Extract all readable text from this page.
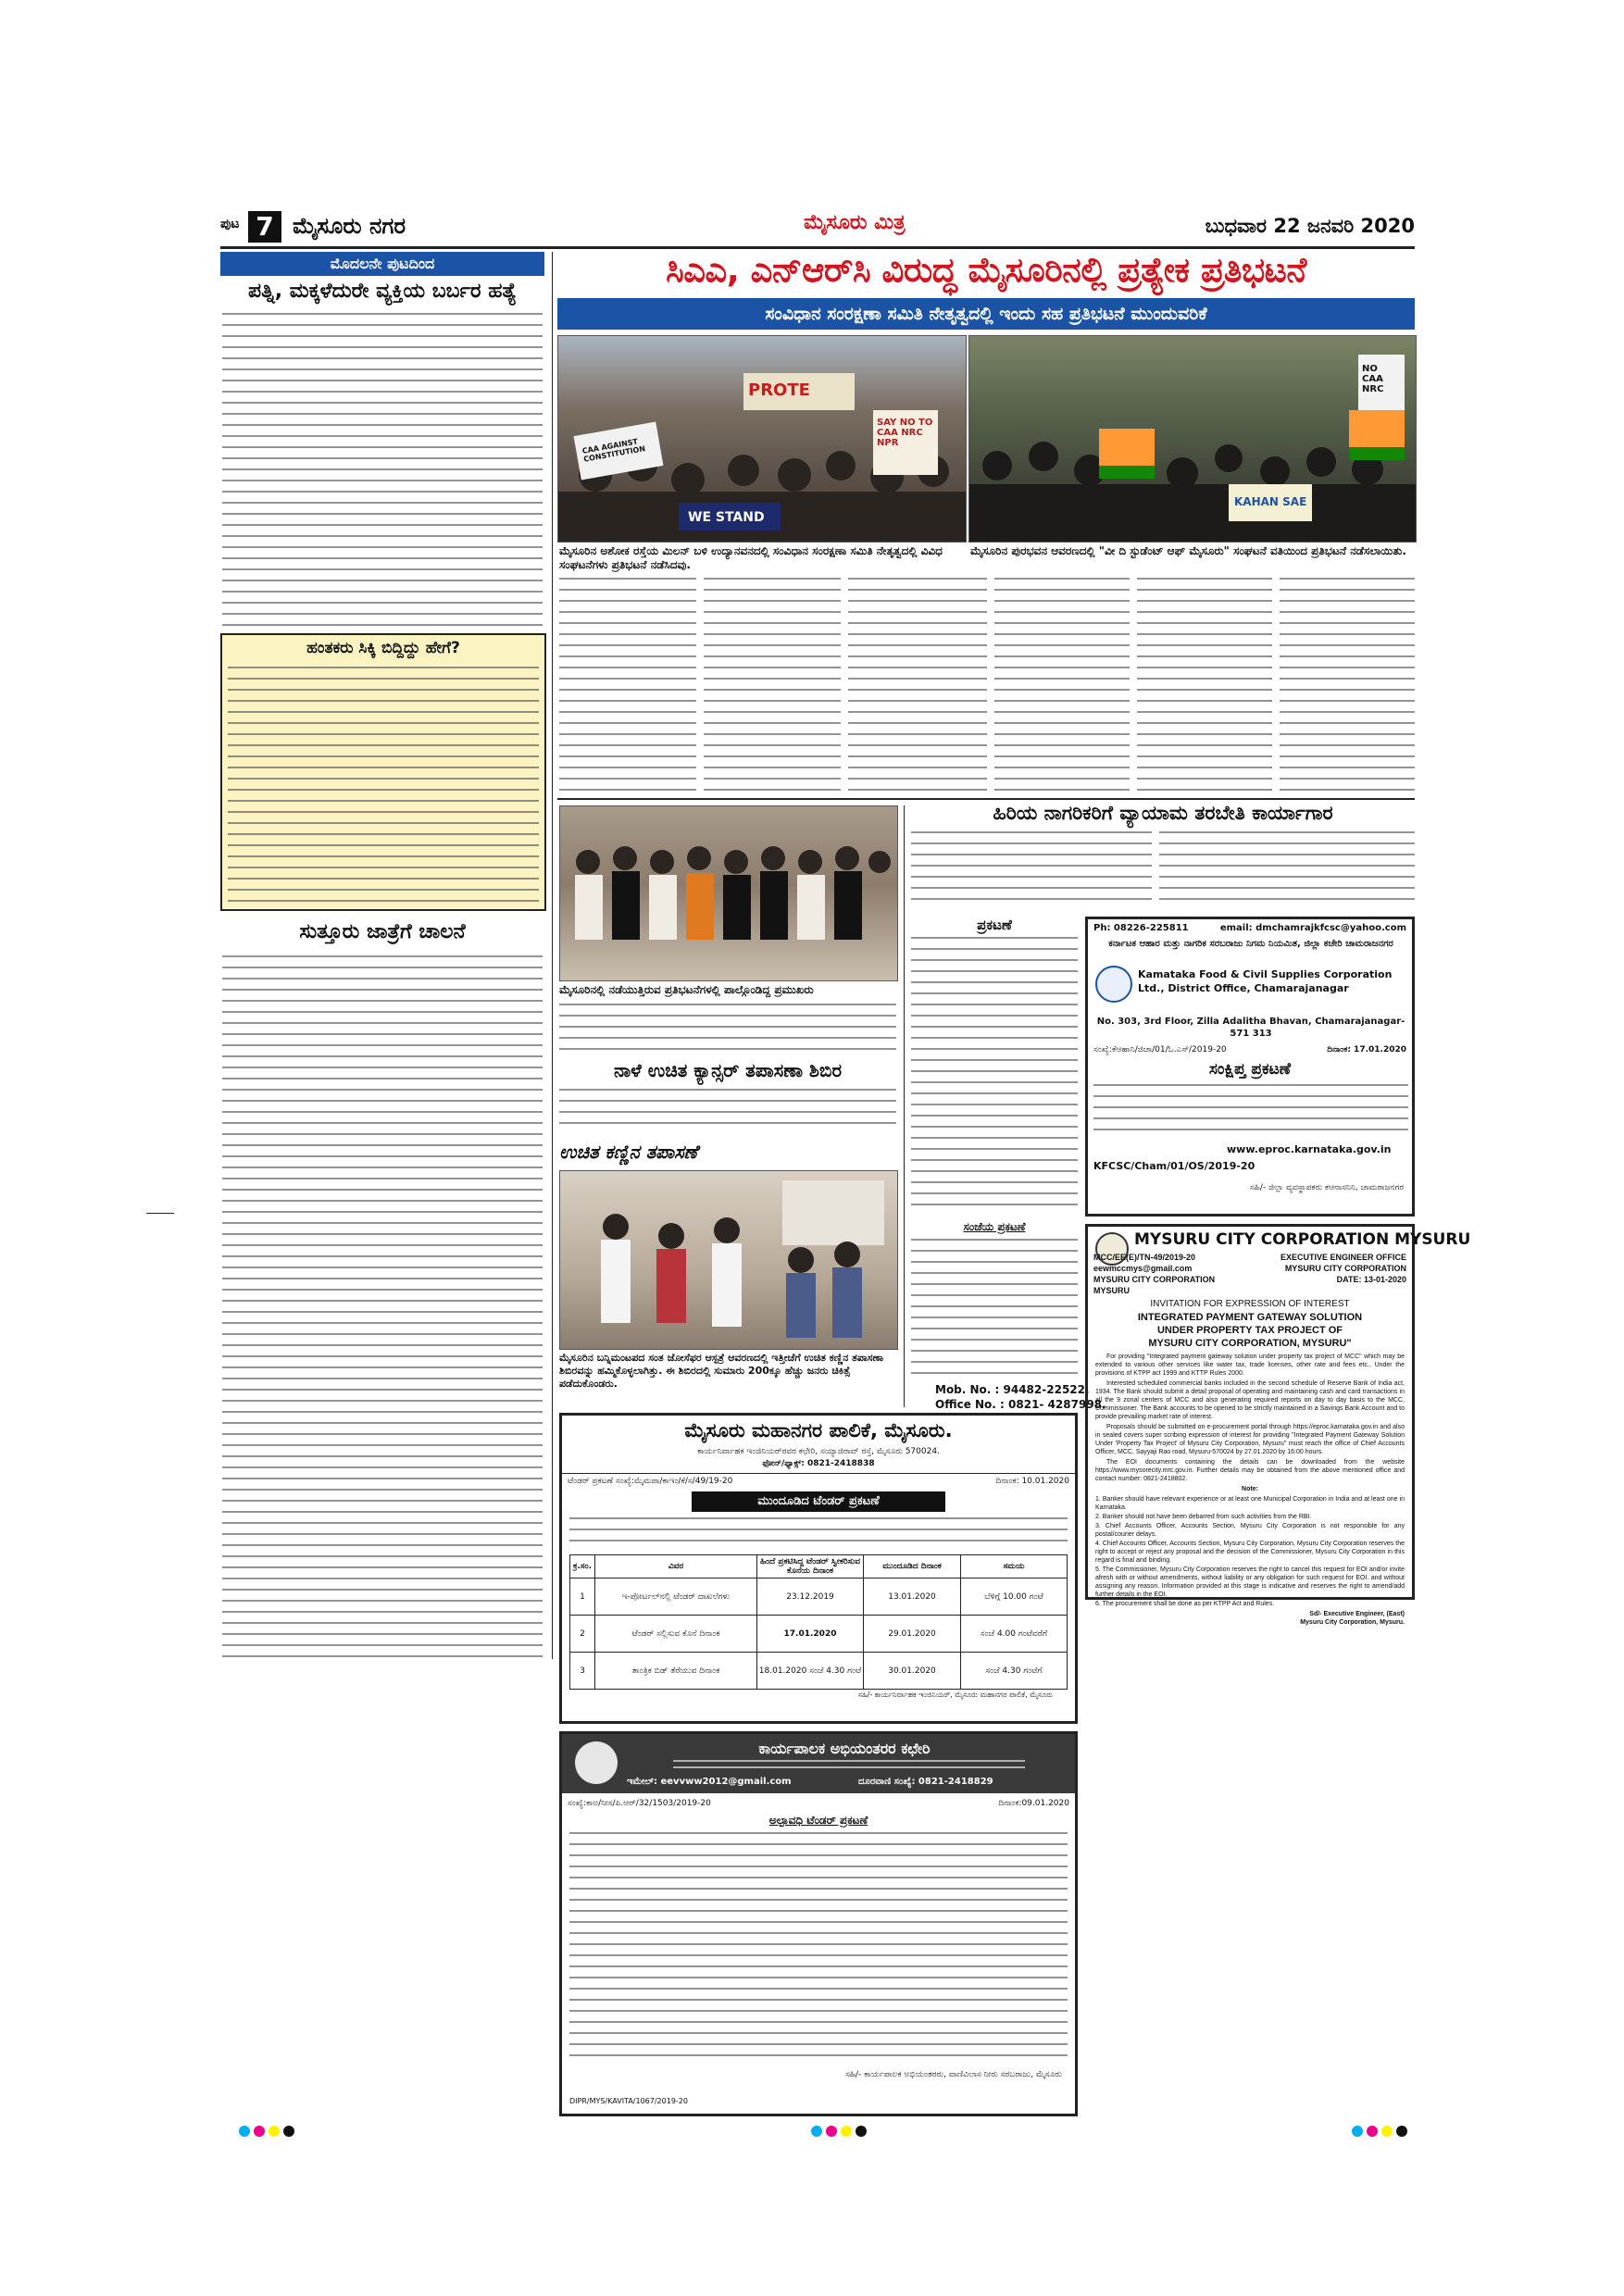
ಪುಟ 7 ಮೈಸೂರು ನಗರ	ಮೈಸೂರು ಮಿತ್ರ	ಬುಧವಾರ 22 ಜನವರಿ 2020
ಮೊದಲನೇ ಪುಟದಿಂದ
ಪತ್ನಿ, ಮಕ್ಕಳೆದುರೇ ವ್ಯಕ್ತಿಯ ಬರ್ಬರ ಹತ್ಯೆ
ಹಂತಕರು ಸಿಕ್ಕಿ ಬಿದ್ದಿದ್ದು ಹೇಗೆ?
ಸುತ್ತೂರು ಜಾತ್ರೆಗೆ ಚಾಲನೆ
ಸಿಎಎ, ಎನ್‌ಆರ್‌ಸಿ ವಿರುದ್ಧ ಮೈಸೂರಿನಲ್ಲಿ ಪ್ರತ್ಯೇಕ ಪ್ರತಿಭಟನೆ
ಸಂವಿಧಾನ ಸಂರಕ್ಷಣಾ ಸಮಿತಿ ನೇತೃತ್ವದಲ್ಲಿ ಇಂದು ಸಹ ಪ್ರತಿಭಟನೆ ಮುಂದುವರಿಕೆ
PROTE
CAA AGAINST CONSTITUTION
WE STAND
SAY NO TO CAA NRC NPR
KAHAN SAE
NO CAA NRC
ಮೈಸೂರಿನ ಅಶೋಕ ರಸ್ತೆಯ ಮಿಲನ್ ಬಳಿ ಉದ್ಯಾನವನದಲ್ಲಿ ಸಂವಿಧಾನ ಸಂರಕ್ಷಣಾ ಸಮಿತಿ ನೇತೃತ್ವದಲ್ಲಿ ವಿವಿಧ ಸಂಘಟನೆಗಳು ಪ್ರತಿಭಟನೆ ನಡೆಸಿದವು.
ಮೈಸೂರಿನ ಪುರಭವನ ಆವರಣದಲ್ಲಿ "ವೀ ದಿ ಸ್ಟುಡೆಂಟ್ ಆಫ್ ಮೈಸೂರು" ಸಂಘಟನೆ ವತಿಯಿಂದ ಪ್ರತಿಭಟನೆ ನಡೆಸಲಾಯಿತು.
ಮೈಸೂರಿನಲ್ಲಿ ನಡೆಯುತ್ತಿರುವ ಪ್ರತಿಭಟನೆಗಳಲ್ಲಿ ಪಾಲ್ಗೊಂಡಿದ್ದ ಪ್ರಮುಖರು
ನಾಳೆ ಉಚಿತ ಕ್ಯಾನ್ಸರ್ ತಪಾಸಣಾ ಶಿಬಿರ
ಉಚಿತ ಕಣ್ಣಿನ ತಪಾಸಣೆ
ಮೈಸೂರಿನ ಬನ್ನಿಮಂಟಪದ ಸಂತ ಜೋಸೆಫರ ಆಸ್ಪತ್ರೆ ಆವರಣದಲ್ಲಿ ಇತ್ತೀಚೆಗೆ ಉಚಿತ ಕಣ್ಣಿನ ತಪಾಸಣಾ ಶಿಬಿರವನ್ನು ಹಮ್ಮಿಕೊಳ್ಳಲಾಗಿತ್ತು. ಈ ಶಿಬಿರದಲ್ಲಿ ಸುಮಾರು 200ಕ್ಕೂ ಹೆಚ್ಚು ಜನರು ಚಿಕಿತ್ಸೆ ಪಡೆದುಕೊಂಡರು.
ಹಿರಿಯ ನಾಗರಿಕರಿಗೆ ವ್ಯಾಯಾಮ ತರಬೇತಿ ಕಾರ್ಯಾಗಾರ
ಪ್ರಕಟಣೆ
ಸಂಜೆಯ ಪ್ರಕಟಣೆ
Mob. No. : 94482-22522,
Office No. : 0821- 4287998.
Ph: 08226-225811	email: dmchamrajkfcsc@yahoo.com
ಕರ್ನಾಟಕ ಆಹಾರ ಮತ್ತು ನಾಗರಿಕ ಸರಬರಾಜು ನಿಗಮ ನಿಯಮಿತ, ಜಿಲ್ಲಾ ಕಚೇರಿ ಚಾಮರಾಜನಗರ
Kamataka Food & Civil Supplies Corporation Ltd., District Office, Chamarajanagar
No. 303, 3rd Floor, Zilla Adalitha Bhavan, Chamarajanagar-571 313
ಸಂಖ್ಯೆ:ಕೆಆಹಾನಿ/ಜಿಚಾ/01/ಓ.ಎಸ್/2019-20	ದಿನಾಂಕ: 17.01.2020
ಸಂಕ್ಷಿಪ್ತ ಪ್ರಕಟಣೆ
www.eproc.karnataka.gov.in
KFCSC/Cham/01/OS/2019-20
ಸಹಿ/- ಜಿಲ್ಲಾ ವ್ಯವಸ್ಥಾಪಕರು ಕಆನಾಸನಿನಿ, ಚಾಮರಾಜನಗರ
MYSURU CITY CORPORATION MYSURU
MCC/EE(E)/TN-49/2019-20	EXECUTIVE ENGINEER OFFICE
eewmccmys@gmail.com	MYSURU CITY CORPORATION
MYSURU CITY CORPORATION	DATE: 13-01-2020
MYSURU
INVITATION FOR EXPRESSION OF INTEREST
INTEGRATED PAYMENT GATEWAY SOLUTION
UNDER PROPERTY TAX PROJECT OF
MYSURU CITY CORPORATION, MYSURU"

For providing "Integrated payment gateway solution under property tax project of MCC" which may be extended to various other services like water tax, trade licenses, other rate and fees etc., Under the provisions of KTPP act 1999 and KTTP Rules 2000.

Interested scheduled commercial banks included in the second schedule of Reserve Bank of India act, 1934. The Bank should submit a detail proposal of operating and maintaining cash and card transactions in all the 9 zonal centers of MCC and also generating required reports on day to day basis to the MCC, Commissioner. The Bank accounts to be opened to be strictly maintained in a Savings Bank Account and to provide prevailing market rate of interest.

Proposals should be submitted on e-procurement portal through https://eproc.karnataka.gov.in and also in sealed covers super scribing expression of interest for providing "Integrated Payment Gateway Solution Under 'Property Tax Project' of Mysuru City Corporation, Mysuru" must reach the office of Chief Accounts Officer, MCC, Sayyaji Rao road, Mysuru-570024 by 27.01.2020 by 16:00 hours.

The EOI documents containing the details can be downloaded from the website https://www.mysorecity.mrc.gov.in. Further details may be obtained from the above mentioned office and contact number: 0821-2418802.

Note:

1. Banker should have relevant experience or at least one Municipal Corporation in India and at least one in Karnataka.

2. Banker should not have been debarred from such activities from the RBI.

3. Chief Accounts Officer, Accounts Section, Mysuru City Corporation is not responsible for any postal/courier delays.

4. Chief Accounts Officer, Accounts Section, Mysuru City Corporation, Mysuru City Corporation reserves the right to accept or reject any proposal and the decision of the Commissioner, Mysuru City Corporation in this regard is final and binding.

5. The Commissioner, Mysuru City Corporation reserves the right to cancel this request for EOI and/or invite afresh with or without amendments, without liability or any obligation for such request for EOI. and without assigning any reason. Information provided at this stage is indicative and reserves the right to amend/add further details in the EOI.

6. The procurement shall be done as per KTPP Act and Rules.

Sd/- Executive Engineer, (East)

Mysuru City Corporation, Mysuru.

ಮೈಸೂರು ಮಹಾನಗರ ಪಾಲಿಕೆ, ಮೈಸೂರು.
ಕಾರ್ಯನಿರ್ವಾಹಕ ಇಂಜಿನಿಯರ್‌ರವರ ಕಛೇರಿ, ಸಯ್ಯಾಜಿರಾವ್ ರಸ್ತೆ, ಮೈಸೂರು 570024.
ಫೋನ್/ಫ್ಯಾಕ್ಸ್: 0821-2418838
ಟೆಂಡರ್ ಪ್ರಕಟಣೆ ಸಂಖ್ಯೆ:ಮೈಮಪಾ/ಕಾಇಂ/ಕೆ/ಸ/49/19-20	ದಿನಾಂಕ: 10.01.2020
ಮುಂದೂಡಿದ ಟೆಂಡರ್ ಪ್ರಕಟಣೆ
ಕ್ರ.ಸಂ.	ವಿವರ	ಹಿಂದೆ ಪ್ರಕಟಿಸಿದ್ದ ಟೆಂಡರ್ ಸ್ವೀಕರಿಸುವ ಕೊನೆಯ ದಿನಾಂಕ	ಮುಂದೂಡಿದ ದಿನಾಂಕ	ಸಮಯ
1	ಇ-ಪೋರ್ಟಲ್‌ನಲ್ಲಿ ಟೆಂಡರ್ ದಾಖಲೆಗಳು	23.12.2019	13.01.2020	ಬೆಳಿಗ್ಗೆ 10.00 ಗಂಟೆ
2	ಟೆಂಡರ್ ಸಲ್ಲಿಸುವ ಕೊನೆ ದಿನಾಂಕ	17.01.2020	29.01.2020	ಸಂಜೆ 4.00 ಗಂಟೆವರೆಗೆ
3	ತಾಂತ್ರಿಕ ಬಿಡ್ ತೆರೆಯುವ ದಿನಾಂಕ	18.01.2020 ಸಂಜೆ 4.30 ಗಂಟೆ	30.01.2020	ಸಂಜೆ 4.30 ಗಂಟೆಗೆ
ಸಹಿ/- ಕಾರ್ಯನಿರ್ವಾಹಕ ಇಂಜಿನಿಯರ್, ಮೈಸೂರು ಮಹಾನಗರ ಪಾಲಿಕೆ, ಮೈಸೂರು
ಕಾರ್ಯಪಾಲಕ ಅಭಿಯಂತರರ ಕಛೇರಿ
ಇಮೇಲ್: eevvww2012@gmail.com	ದೂರವಾಣಿ ಸಂಖ್ಯೆ: 0821-2418829
ಸಂಖ್ಯೆ:ಕಾಅ/ನೀಸ/ಪಿ.ಆರ್/32/1503/2019-20	ದಿನಾಂಕ:09.01.2020
ಅಲ್ಪಾವಧಿ ಟೆಂಡರ್ ಪ್ರಕಟಣೆ
ಸಹಿ/- ಕಾರ್ಯಪಾಲಕ ಅಭಿಯಂತರರು, ವಾಣಿವಿಲಾಸ ನೀರು ಸರಬರಾಜು, ಮೈಸೂರು
DIPR/MYS/KAVITA/1067/2019-20
